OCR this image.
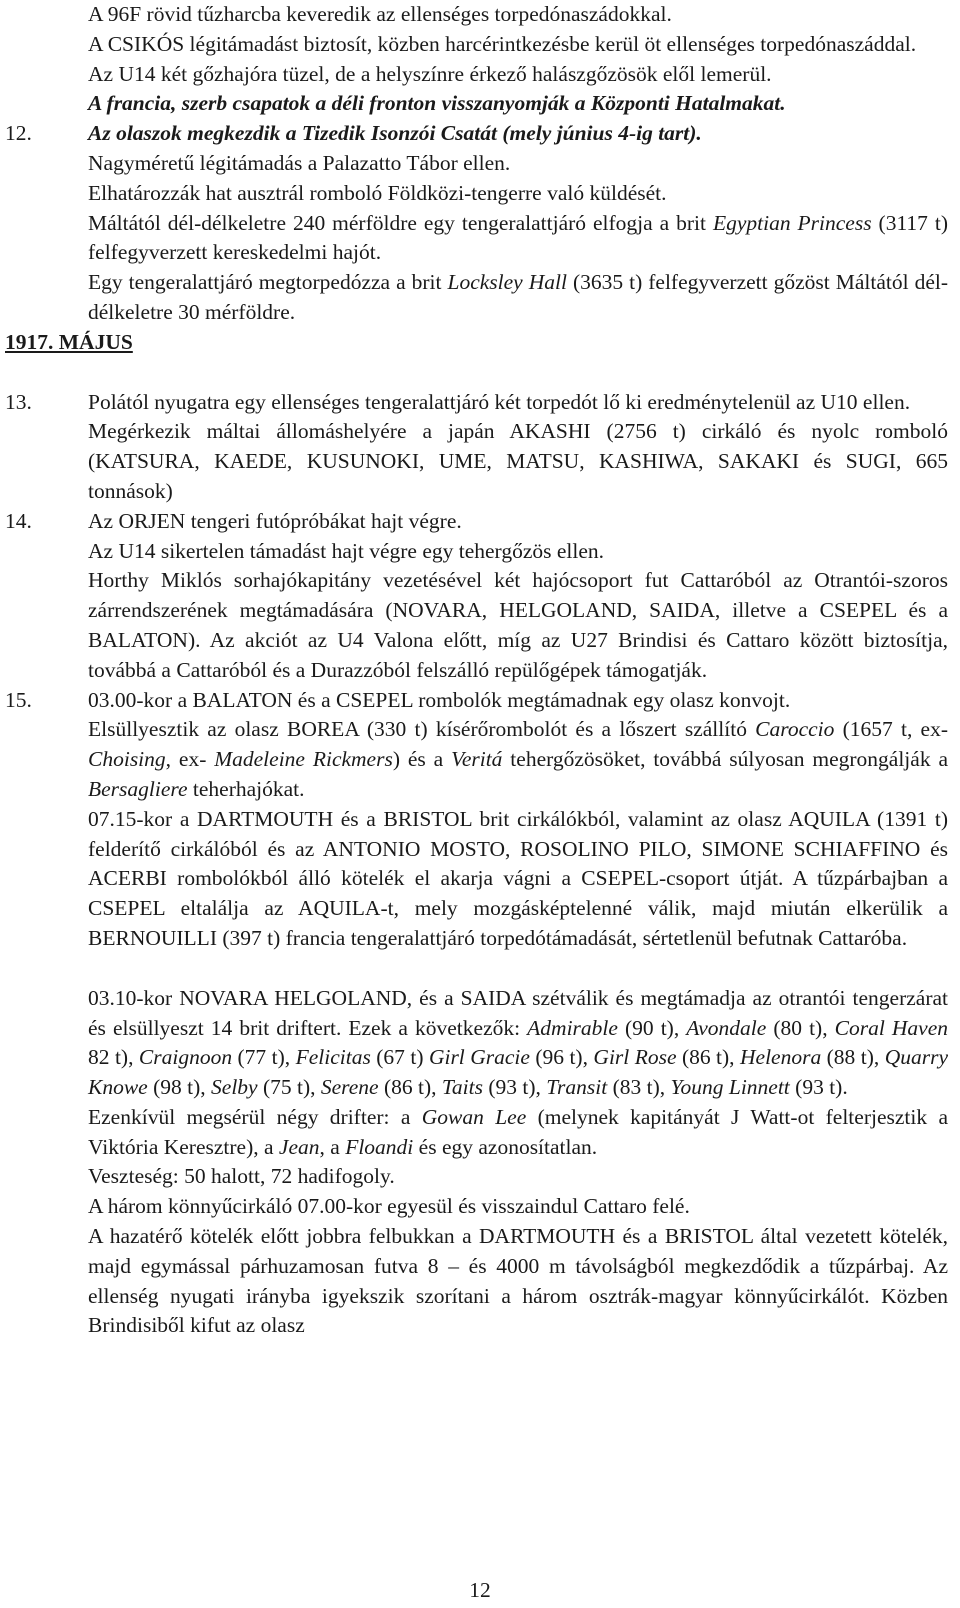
A 96F rövid tűzharcba keveredik az ellenséges torpedónaszádokkal.
A CSIKÓS légitámadást biztosít, közben harcérintkezésbe kerül öt ellenséges torpedónaszáddal.
Az U14 két gőzhajóra tüzel, de a helyszínre érkező halászgőzösök elől lemerül.
A francia, szerb csapatok a déli fronton visszanyomják a Központi Hatalmakat.
12.	Az olaszok megkezdik a Tizedik Isonzói Csatát (mely június 4-ig tart).
Nagyméretű légitámadás a Palazatto Tábor ellen.
Elhatározzák hat ausztrál romboló Földközi-tengerre való küldését.
Máltától dél-délkeletre 240 mérföldre egy tengeralattjáró elfogja a brit Egyptian Princess (3117 t) felfegyverzett kereskedelmi hajót.
Egy tengeralattjáró megtorpedózza a brit Locksley Hall (3635 t) felfegyverzett gőzöst Máltától dél-délkeletre 30 mérföldre.
1917. MÁJUS
13.	Polától nyugatra egy ellenséges tengeralattjáró két torpedót lő ki eredménytelenül az U10 ellen.
Megérkezik máltai állomáshelyére a japán AKASHI (2756 t) cirkáló és nyolc romboló (KATSURA, KAEDE, KUSUNOKI, UME, MATSU, KASHIWA, SAKAKI és SUGI, 665 tonnások)
14.	Az ORJEN tengeri futópróbákat hajt végre.
Az U14 sikertelen támadást hajt végre egy tehergőzös ellen.
Horthy Miklós sorhajókapitány vezetésével két hajócsoport fut Cattaróból az Otrantói-szoros zárrendszerének megtámadására (NOVARA, HELGOLAND, SAIDA, illetve a CSEPEL és a BALATON). Az akciót az U4 Valona előtt, míg az U27 Brindisi és Cattaro között biztosítja, továbbá a Cattaróból és a Durazzóból felszálló repülőgépek támogatják.
15.	03.00-kor a BALATON és a CSEPEL rombolók megtámadnak egy olasz konvojt.
Elsüllyesztik az olasz BOREA (330 t) kísérőrombolót és a lőszert szállító Caroccio (1657 t, ex- Choising, ex- Madeleine Rickmers) és a Veritá tehergőzösöket, továbbá súlyosan megrongálják a Bersagliere teherhajókat.
07.15-kor a DARTMOUTH és a BRISTOL brit cirkálókból, valamint az olasz AQUILA (1391 t) felderítő cirkálóból és az ANTONIO MOSTO, ROSOLINO PILO, SIMONE SCHIAFFINO és ACERBI rombolókból álló kötelék el akarja vágni a CSEPEL-csoport útját. A tűzpárbajban a CSEPEL eltalálja az AQUILA-t, mely mozgásképtelenné válik, majd miután elkerülik a BERNOUILLI (397 t) francia tengeralattjáró torpedótámadását, sértetlenül befutnak Cattaróba.
03.10-kor NOVARA HELGOLAND, és a SAIDA szétválik és megtámadja az otrantói tengerzárat és elsüllyeszt 14 brit driftert. Ezek a következők: Admirable (90 t), Avondale (80 t), Coral Haven 82 t), Craignoon (77 t), Felicitas (67 t) Girl Gracie (96 t), Girl Rose (86 t), Helenora (88 t), Quarry Knowe (98 t), Selby (75 t), Serene (86 t), Taits (93 t), Transit (83 t), Young Linnett (93 t).
Ezenkívül megsérül négy drifter: a Gowan Lee (melynek kapitányát J Watt-ot felterjesztik a Viktória Keresztre), a Jean, a Floandi és egy azonosítatlan.
Veszteség: 50 halott, 72 hadifogoly.
A három könnyűcirkáló 07.00-kor egyesül és visszaindul Cattaro felé.
A hazatérő kötelék előtt jobbra felbukkan a DARTMOUTH és a BRISTOL által vezetett kötelék, majd egymással párhuzamosan futva 8 – és 4000 m távolságból megkezdődik a tűzpárbaj. Az ellenség nyugati irányba igyekszik szorítani a három osztrák-magyar könnyűcirkálót. Közben Brindisiből kifut az olasz
12
